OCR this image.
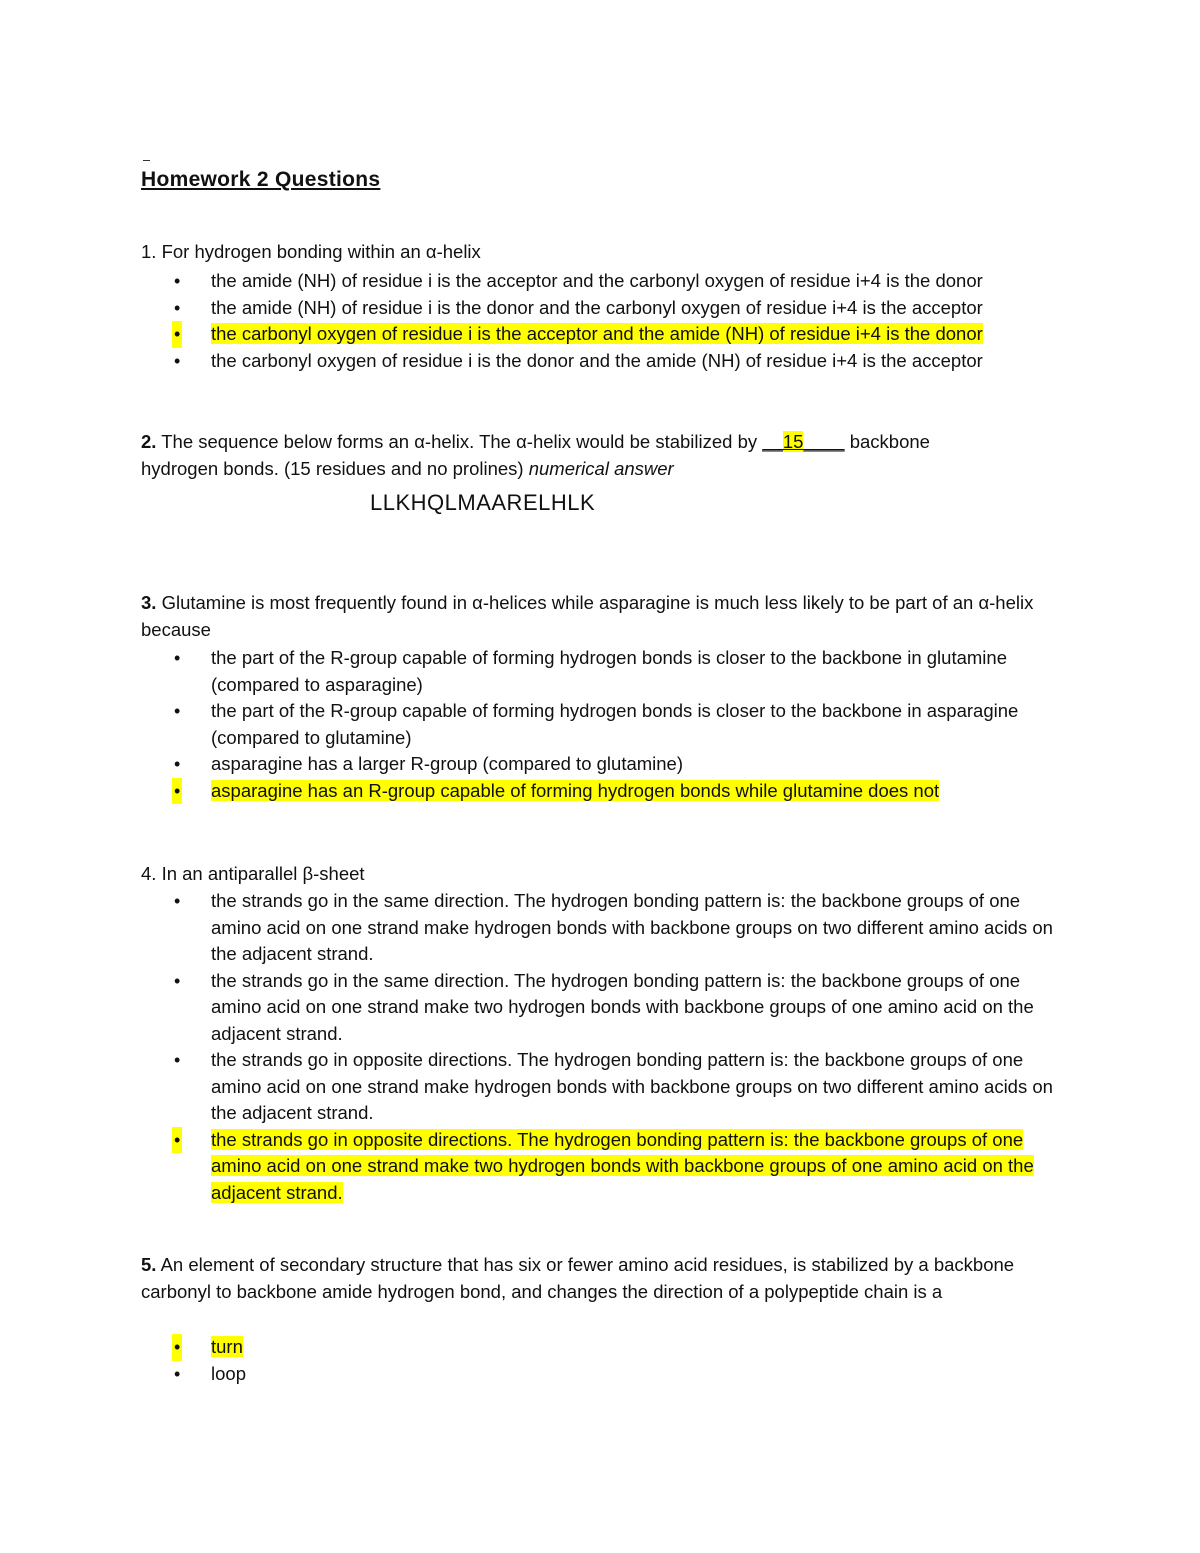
Homework 2 Questions

1. For hydrogen bonding within an α-helix

• the amide (NH) of residue i is the acceptor and the carbonyl oxygen of residue i+4 is the donor
• the amide (NH) of residue i is the donor and the carbonyl oxygen of residue i+4 is the acceptor
• the carbonyl oxygen of residue i is the acceptor and the amide (NH) of residue i+4 is the donor
• the carbonyl oxygen of residue i is the donor and the amide (NH) of residue i+4 is the acceptor

2. The sequence below forms an α-helix. The α-helix would be stabilized by __15____ backbone
hydrogen bonds. (15 residues and no prolines) numerical answer

LLKHQLMAARELHLK

3. Glutamine is most frequently found in α-helices while asparagine is much less likely to be part of an α-helix because

• the part of the R-group capable of forming hydrogen bonds is closer to the backbone in glutamine (compared to asparagine)
• the part of the R-group capable of forming hydrogen bonds is closer to the backbone in asparagine (compared to glutamine)
• asparagine has a larger R-group (compared to glutamine)
• asparagine has an R-group capable of forming hydrogen bonds while glutamine does not

4. In an antiparallel β-sheet

• the strands go in the same direction. The hydrogen bonding pattern is: the backbone groups of one amino acid on one strand make hydrogen bonds with backbone groups on two different amino acids on the adjacent strand.
• the strands go in the same direction. The hydrogen bonding pattern is: the backbone groups of one amino acid on one strand make two hydrogen bonds with backbone groups of one amino acid on the adjacent strand.
• the strands go in opposite directions. The hydrogen bonding pattern is: the backbone groups of one amino acid on one strand make hydrogen bonds with backbone groups on two different amino acids on the adjacent strand.
• the strands go in opposite directions. The hydrogen bonding pattern is: the backbone groups of one amino acid on one strand make two hydrogen bonds with backbone groups of one amino acid on the adjacent strand.

5. An element of secondary structure that has six or fewer amino acid residues, is stabilized by a backbone carbonyl to backbone amide hydrogen bond, and changes the direction of a polypeptide chain is a

• turn
• loop
